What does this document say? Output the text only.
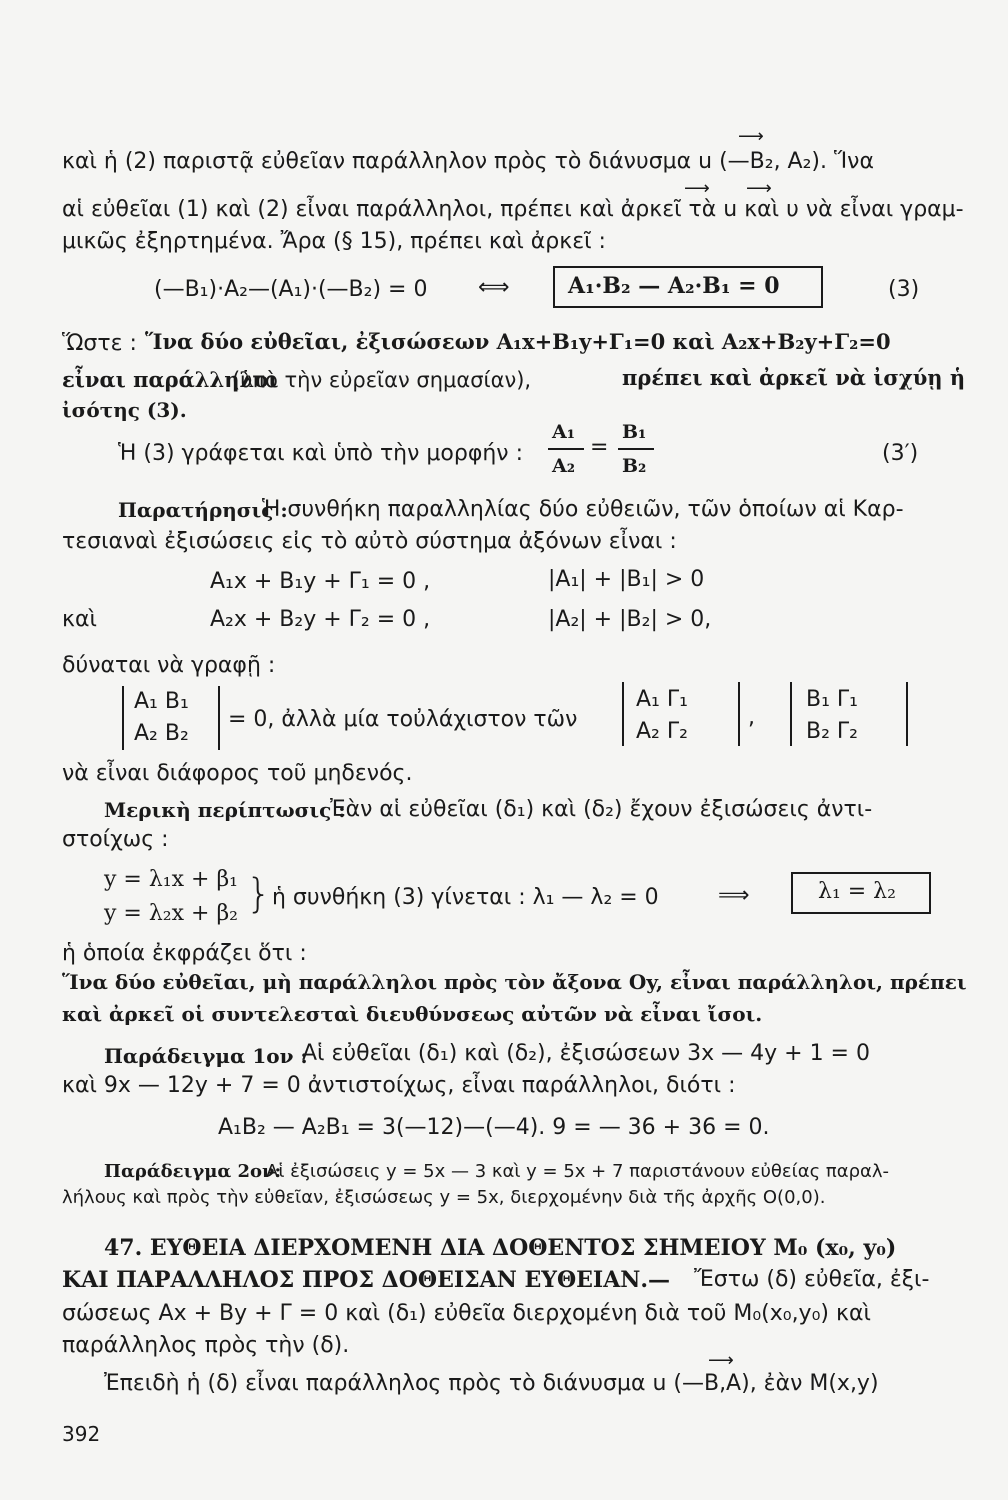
⟶
⟶ ⟶
⟶
καὶ ἡ (2) παριστᾷ εὐθεῖαν παράλληλον πρὸς τὸ διάνυσμα u (—B₂, A₂). Ἵνα
αἱ εὐθεῖαι (1) καὶ (2) εἶναι παράλληλοι, πρέπει καὶ ἀρκεῖ τὰ u καὶ υ νὰ εἶναι γραμ-
μικῶς ἐξηρτημένα. Ἄρα (§ 15), πρέπει καὶ ἀρκεῖ :
(—B₁)·A₂—(A₁)·(—B₂) = 0 ⟺	A₁·B₂ — A₂·B₁ = 0	(3)
Ὥστε : Ἵνα δύο εὐθεῖαι, ἐξισώσεων A₁x+B₁y+Γ₁=0 καὶ A₂x+B₂y+Γ₂=0
εἶναι παράλληλοι
(ὑπὸ τὴν εὐρεῖαν σημασίαν),	πρέπει καὶ ἀρκεῖ νὰ ἰσχύῃ ἡ
ἰσότης (3).
Ἡ (3) γράφεται καὶ ὑπὸ τὴν μορφήν :
A₁
A₂
=
B₁
B₂	(3′)
Παρατήρησις :
Ἡ συνθήκη παραλληλίας δύο εὐθειῶν, τῶν ὁποίων αἱ Καρ-
τεσιαναὶ ἐξισώσεις εἰς τὸ αὐτὸ σύστημα ἀξόνων εἶναι :
A₁x + B₁y + Γ₁ = 0 ,	|A₁| + |B₁| > 0
καὶ	A₂x + B₂y + Γ₂ = 0 ,	|A₂| + |B₂| > 0,
δύναται νὰ γραφῇ :
A₁ B₁
A₂ B₂
= 0, ἀλλὰ μία τοὐλάχιστον τῶν
A₁ Γ₁
A₂ Γ₂
,
B₁ Γ₁
B₂ Γ₂
νὰ εἶναι διάφορος τοῦ μηδενός.
Μερικὴ περίπτωσις :
Ἐὰν αἱ εὐθεῖαι (δ₁) καὶ (δ₂) ἔχουν ἐξισώσεις ἀντι-
στοίχως :
y = λ₁x + β₁
y = λ₂x + β₂ } ἡ συνθήκη (3) γίνεται : λ₁ — λ₂ = 0	⟹	λ₁ = λ₂
ἡ ὁποία ἐκφράζει ὅτι :
Ἵνα δύο εὐθεῖαι, μὴ παράλληλοι πρὸς τὸν ἄξονα Oy, εἶναι παράλληλοι, πρέπει
καὶ ἀρκεῖ οἱ συντελεσταὶ διευθύνσεως αὐτῶν νὰ εἶναι ἴσοι.
Παράδειγμα 1ον :
Αἱ εὐθεῖαι (δ₁) καὶ (δ₂), ἐξισώσεων 3x — 4y + 1 = 0
καὶ 9x — 12y + 7 = 0 ἀντιστοίχως, εἶναι παράλληλοι, διότι :
A₁B₂ — A₂B₁ = 3(—12)—(—4). 9 = — 36 + 36 = 0.
Παράδειγμα 2ον:
Αἱ ἐξισώσεις y = 5x — 3 καὶ y = 5x + 7 παριστάνουν εὐθείας παραλ-
λήλους καὶ πρὸς τὴν εὐθεῖαν, ἐξισώσεως y = 5x, διερχομένην διὰ τῆς ἀρχῆς O(0,0).
47. ΕΥΘΕΙΑ ΔΙΕΡΧΟΜΕΝΗ ΔΙΑ ΔΟΘΕΝΤΟΣ ΣΗΜΕΙΟΥ M₀ (x₀, y₀)
ΚΑΙ ΠΑΡΑΛΛΗΛΟΣ ΠΡΟΣ ΔΟΘΕΙΣΑΝ ΕΥΘΕΙΑΝ.— Ἔστω (δ) εὐθεῖα, ἐξι-
σώσεως Ax + By + Γ = 0 καὶ (δ₁) εὐθεῖα διερχομένη διὰ τοῦ M₀(x₀,y₀) καὶ
παράλληλος πρὸς τὴν (δ).
Ἐπειδὴ ἡ (δ) εἶναι παράλληλος πρὸς τὸ διάνυσμα u (—B,A), ἐὰν M(x,y)
392
